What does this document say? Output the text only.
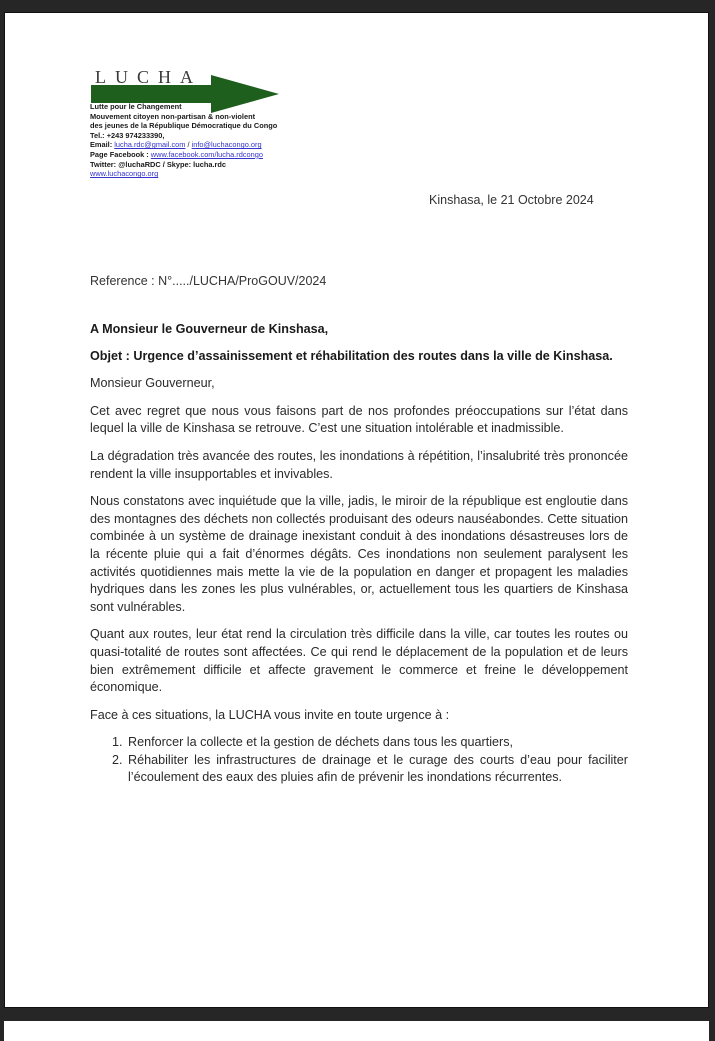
LUCHA
Lutte pour le Changement
Mouvement citoyen non-partisan & non-violent
des jeunes de la République Démocratique du Congo
Tel.: +243 974233390,
Email: lucha.rdc@gmail.com / info@luchacongo.org
Page Facebook : www.facebook.com/lucha.rdcongo
Twitter: @luchaRDC / Skype: lucha.rdc
www.luchacongo.org
Kinshasa, le 21 Octobre 2024
Reference : N°...../LUCHA/ProGOUV/2024

A Monsieur le Gouverneur de Kinshasa,

Objet : Urgence d’assainissement et réhabilitation des routes dans la ville de Kinshasa.

Monsieur Gouverneur,

Cet avec regret que nous vous faisons part de nos profondes préoccupations sur l’état dans lequel la ville de Kinshasa se retrouve. C’est une situation intolérable et inadmissible.

La dégradation très avancée des routes, les inondations à répétition, l’insalubrité très prononcée rendent la ville insupportables et invivables.

Nous constatons avec inquiétude que la ville, jadis, le miroir de la république est engloutie dans des montagnes des déchets non collectés produisant des odeurs nauséabondes. Cette situation combinée à un système de drainage inexistant conduit à des inondations désastreuses lors de la récente pluie qui a fait d’énormes dégâts. Ces inondations non seulement paralysent les activités quotidiennes mais mette la vie de la population en danger et propagent les maladies hydriques dans les zones les plus vulnérables, or, actuellement tous les quartiers de Kinshasa sont vulnérables.

Quant aux routes, leur état rend la circulation très difficile dans la ville, car toutes les routes ou quasi-totalité de routes sont affectées. Ce qui rend le déplacement de la population et de leurs bien extrêmement difficile et affecte gravement le commerce et freine le développement économique.

Face à ces situations, la LUCHA vous invite en toute urgence à :

1. Renforcer la collecte et la gestion de déchets dans tous les quartiers,
2. Réhabiliter les infrastructures de drainage et le curage des courts d’eau pour faciliter l’écoulement des eaux des pluies afin de prévenir les inondations récurrentes.
